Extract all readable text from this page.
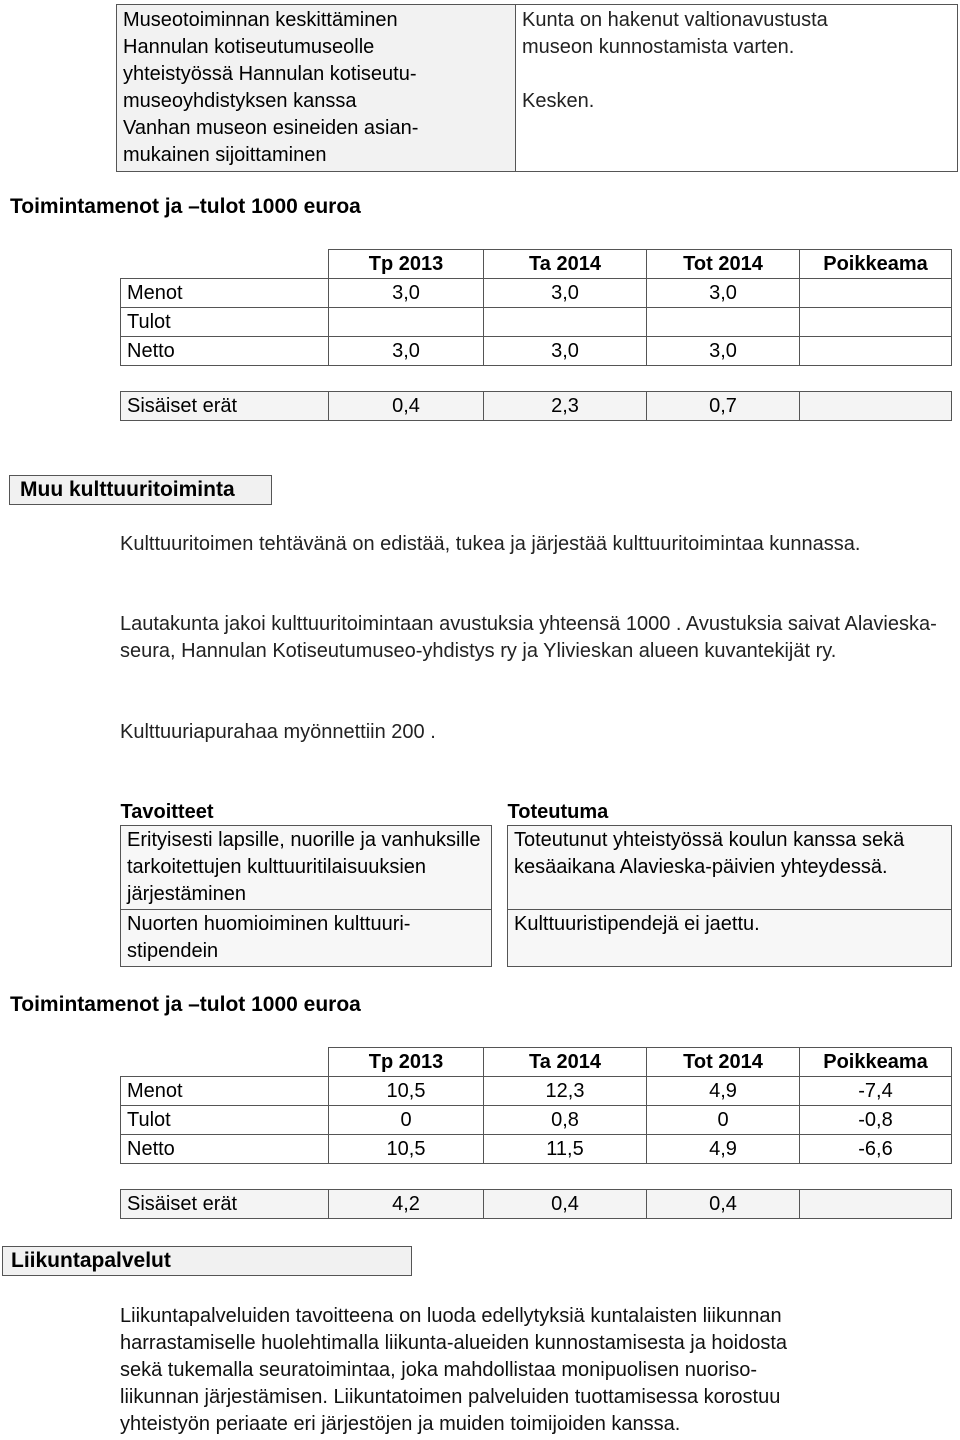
Museotoiminnan keskittäminen
Hannulan kotiseutumuseolle
yhteistyössä Hannulan kotiseutu-
museoyhdistyksen kanssa
Vanhan museon esineiden asian-
mukainen sijoittaminen

Kunta on hakenut valtionavustusta
museon kunnostamista varten.
Kesken.
Toimintamenot ja –tulot 1000 euroa
	Tp 2013	Ta 2014	Tot 2014	Poikkeama
Menot	3,0	3,0	3,0	
Tulot				
Netto	3,0	3,0	3,0	
Sisäiset erät	0,4	2,3	0,7	
Muu kulttuuritoiminta
Kulttuuritoimen tehtävänä on edistää, tukea ja järjestää kulttuuritoimintaa kunnassa.
Lautakunta jakoi kulttuuritoimintaan avustuksia yhteensä 1000 . Avustuksia saivat Alavieska-seura, Hannulan Kotiseutumuseo-yhdistys ry ja Ylivieskan alueen kuvantekijät ry.
Kulttuuriapurahaa myönnettiin 200 .
Tavoitteet		Toteutuma
Erityisesti lapsille, nuorille ja vanhuksille tarkoitettujen kulttuuritilaisuuksien järjestäminen		Toteutunut yhteistyössä koulun kanssa sekä kesäaikana Alavieska-päivien yhteydessä.
Nuorten huomioiminen kulttuuri- stipendein		Kulttuuristipendejä ei jaettu.
Toimintamenot ja –tulot 1000 euroa
	Tp 2013	Ta 2014	Tot 2014	Poikkeama
Menot	10,5	12,3	4,9	-7,4
Tulot	0	0,8	0	-0,8
Netto	10,5	11,5	4,9	-6,6
Sisäiset erät	4,2	0,4	0,4	
Liikuntapalvelut
Liikuntapalveluiden tavoitteena on luoda edellytyksiä kuntalaisten liikunnan
harrastamiselle huolehtimalla liikunta-alueiden kunnostamisesta ja hoidosta
sekä tukemalla seuratoimintaa, joka mahdollistaa monipuolisen nuoriso-
liikunnan järjestämisen. Liikuntatoimen palveluiden tuottamisessa korostuu
yhteistyön periaate eri järjestöjen ja muiden toimijoiden kanssa.
